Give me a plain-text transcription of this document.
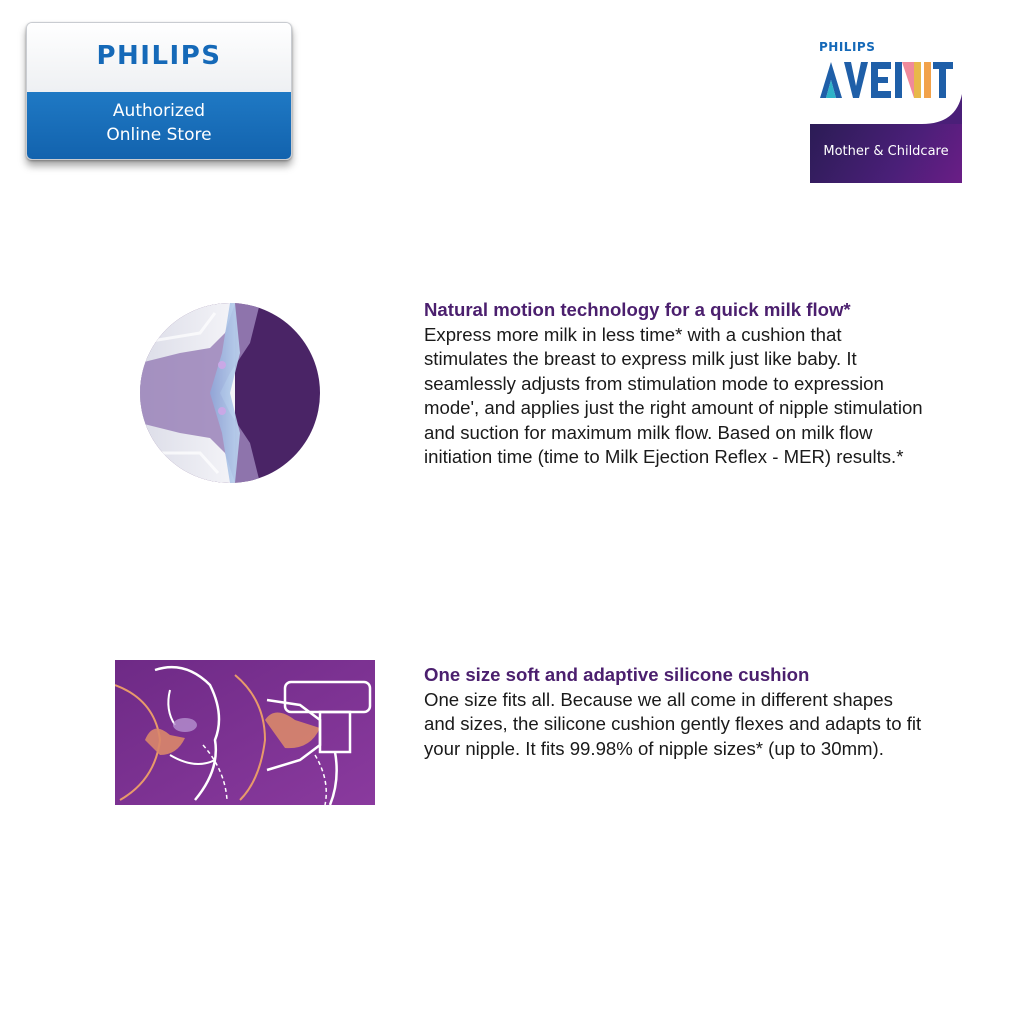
PHILIPS
Authorized
Online Store
PHILIPS
Mother & Childcare
Natural motion technology for a quick milk flow*
Express more milk in less time* with a cushion that stimulates the breast to express milk just like baby. It seamlessly adjusts from stimulation mode to expression mode', and applies just the right amount of nipple stimulation and suction for maximum milk flow. Based on milk flow initiation time (time to Milk Ejection Reflex - MER) results.*
One size soft and adaptive silicone cushion
One size fits all. Because we all come in different shapes and sizes, the silicone cushion gently flexes and adapts to fit your nipple. It fits 99.98% of nipple sizes* (up to 30mm).
